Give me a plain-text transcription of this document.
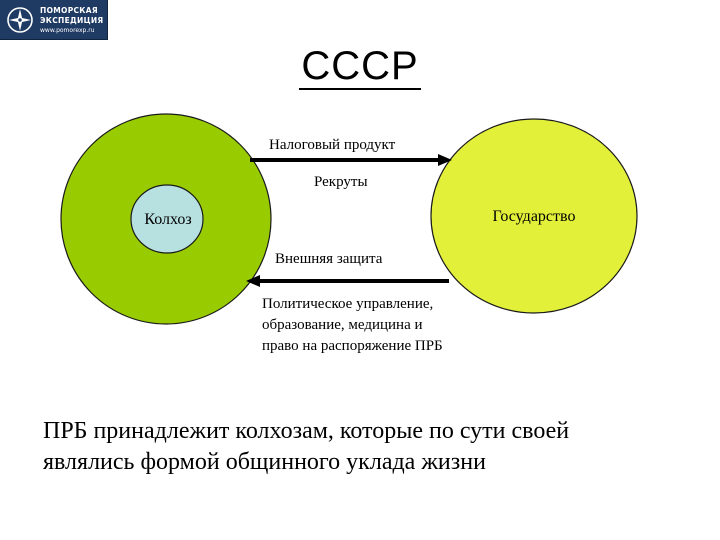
ПОМОРСКАЯ
ЭКСПЕДИЦИЯ
www.pomorexp.ru
СССР
Колхоз	Государство
Налоговый продукт
Рекруты
Внешняя защита
Политическое управление,
образование, медицина и
право на распоряжение ПРБ
ПРБ принадлежит колхозам, которые по сути своей являлись формой общинного уклада жизни
